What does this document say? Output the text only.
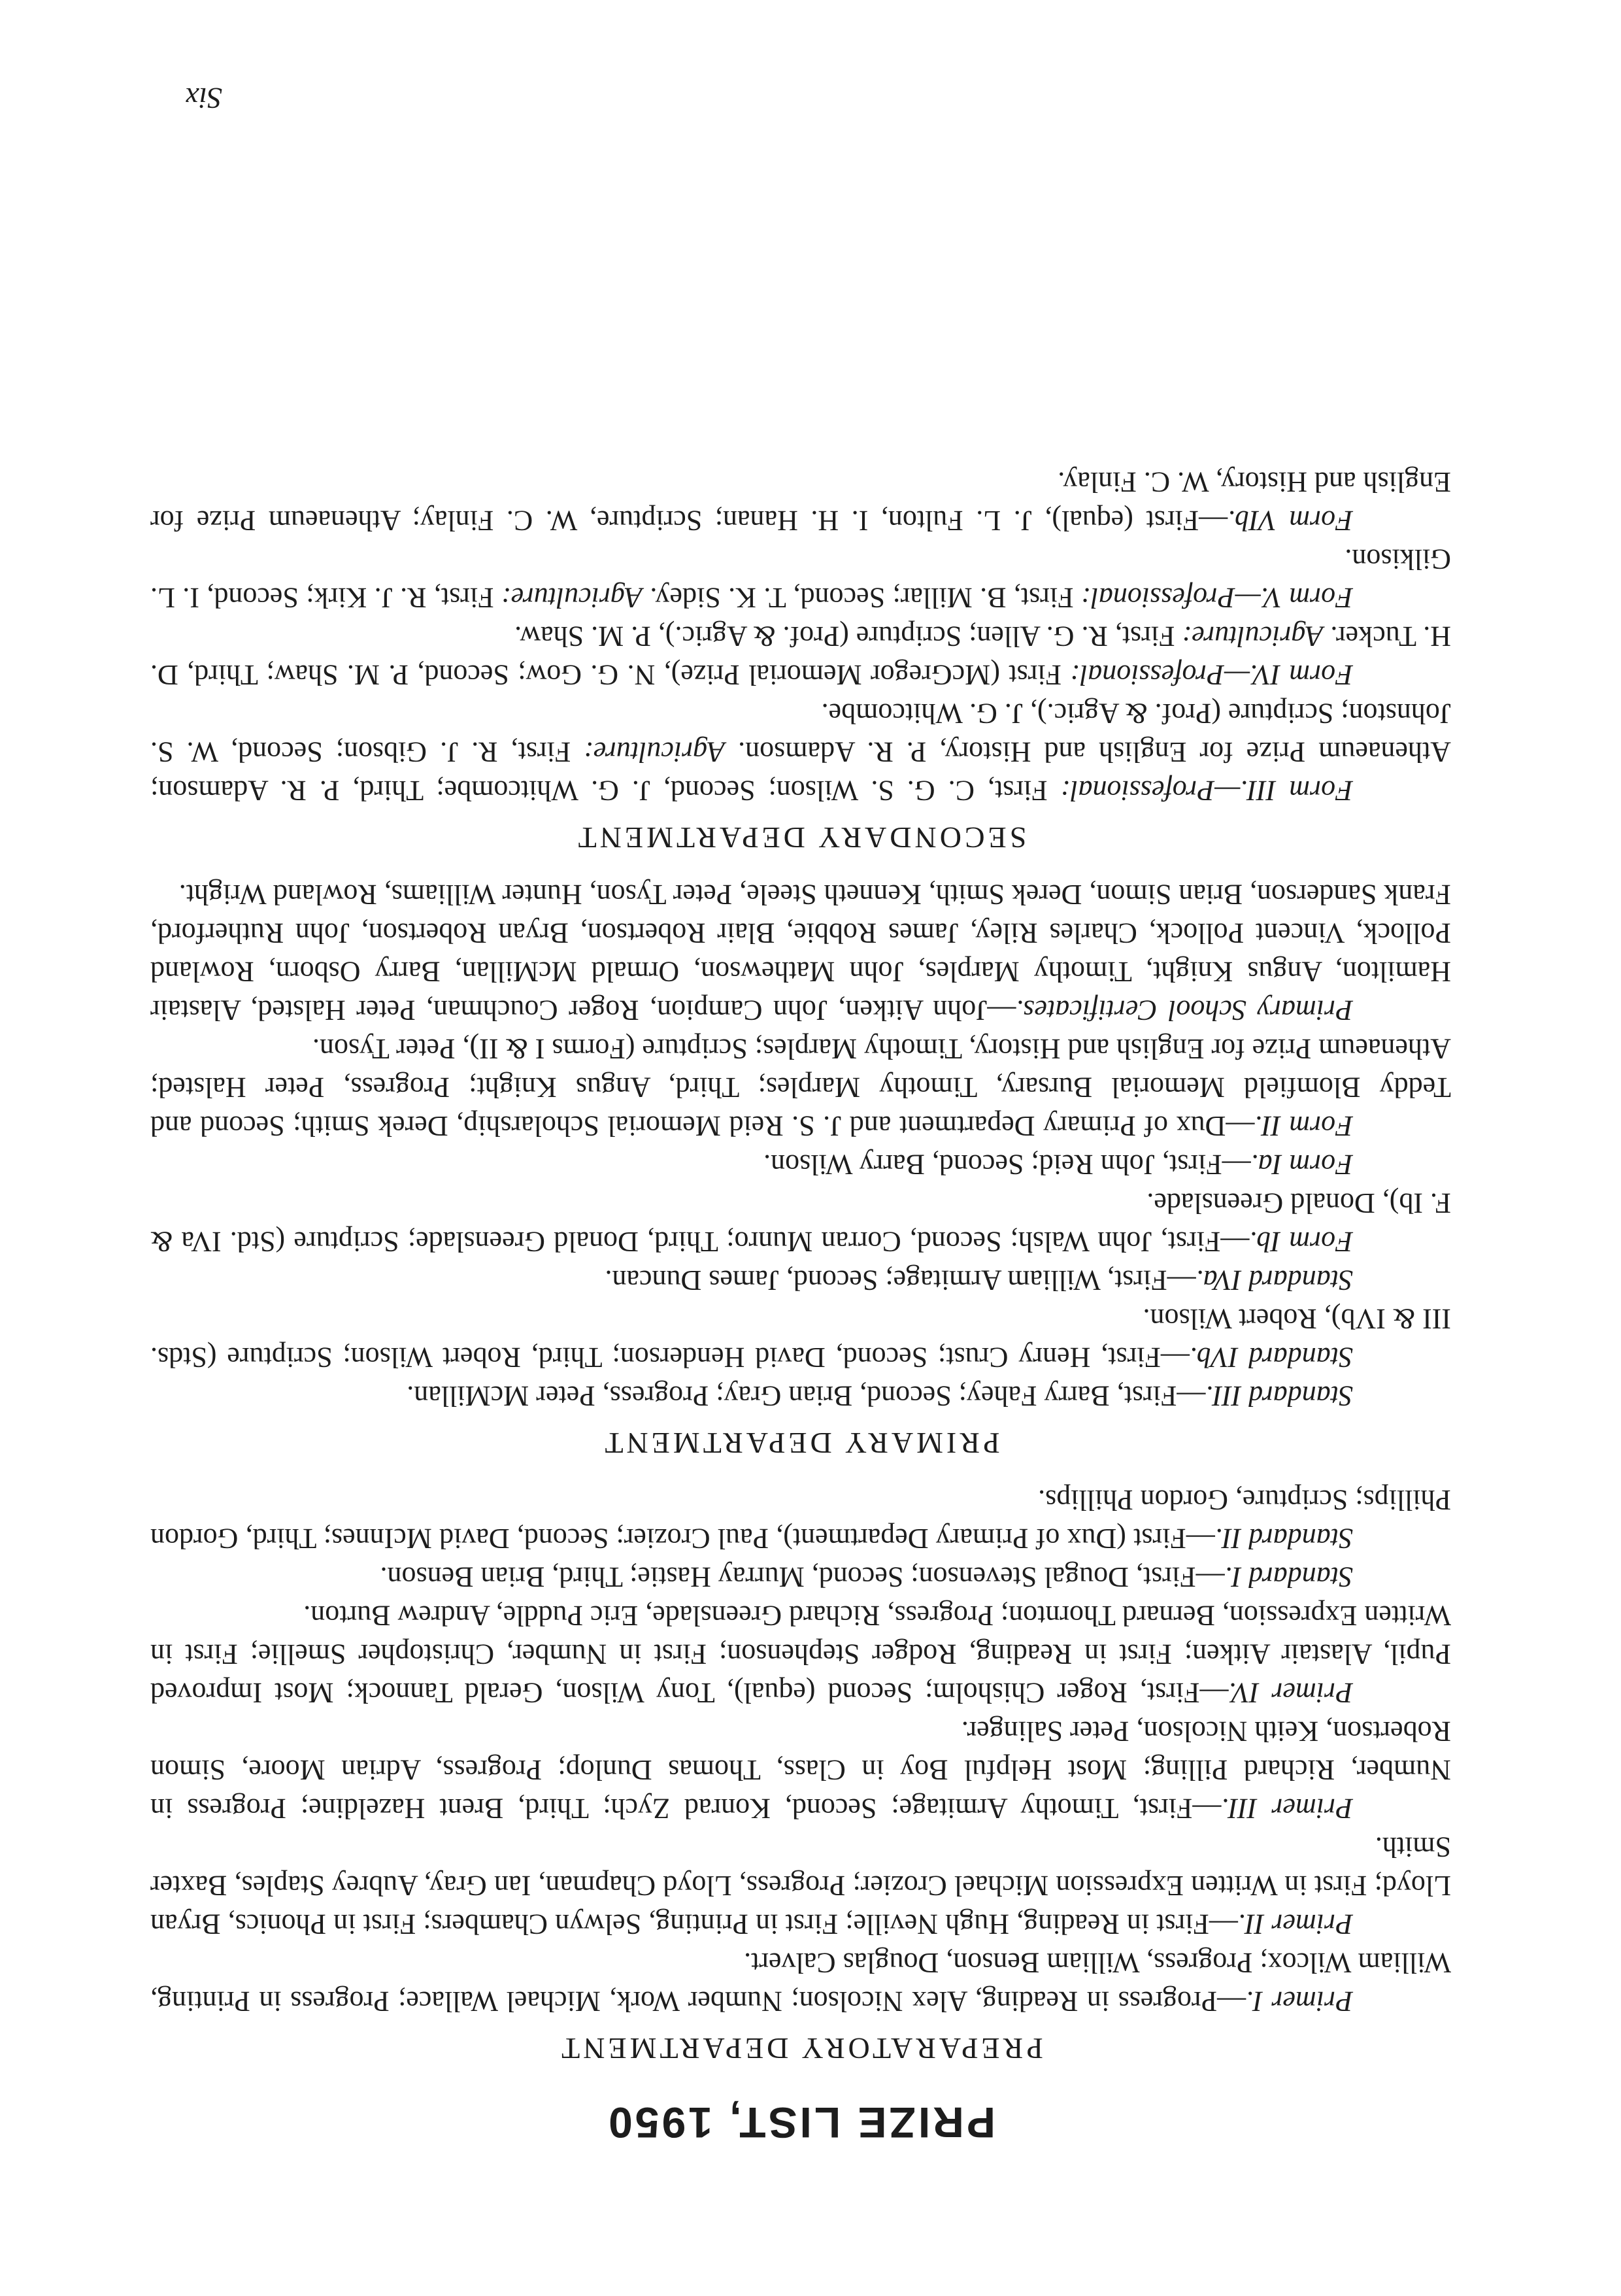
PRIZE LIST, 1950
PREPARATORY DEPARTMENT

Primer I.—Progress in Reading, Alex Nicolson; Number Work, Michael Wallace; Progress in Printing, William Wilcox; Progress, William Benson, Douglas Calvert.

Primer II.—First in Reading, Hugh Neville; First in Printing, Selwyn Chambers; First in Phonics, Bryan Lloyd; First in Written Expression Michael Crozier; Progress, Lloyd Chapman, Ian Gray, Aubrey Staples, Baxter Smith.

Primer III.—First, Timothy Armitage; Second, Konrad Zych; Third, Brent Hazeldine; Progress in Number, Richard Pilling; Most Helpful Boy in Class, Thomas Dunlop; Progress, Adrian Moore, Simon Robertson, Keith Nicolson, Peter Salinger.

Primer IV.—First, Roger Chisholm; Second (equal), Tony Wilson, Gerald Tannock; Most Improved Pupil, Alastair Aitken; First in Reading, Rodger Stephenson; First in Number, Christopher Smellie; First in Written Expression, Bernard Thornton; Progress, Richard Greenslade, Eric Puddle, Andrew Burton.

Standard I.—First, Dougal Stevenson; Second, Murray Hastie; Third, Brian Benson.

Standard II.—First (Dux of Primary Department), Paul Crozier; Second, David McInnes; Third, Gordon Phillips; Scripture, Gordon Phillips.

PRIMARY DEPARTMENT

Standard III.—First, Barry Fahey; Second, Brian Gray; Progress, Peter McMillan.

Standard IVb.—First, Henry Crust; Second, David Henderson; Third, Robert Wilson; Scripture (Stds. III & IVb), Robert Wilson.

Standard IVa.—First, William Armitage; Second, James Duncan.

Form Ib.—First, John Walsh; Second, Corran Munro; Third, Donald Greenslade; Scripture (Std. IVa & F. Ib), Donald Greenslade.

Form Ia.—First, John Reid; Second, Barry Wilson.

Form II.—Dux of Primary Department and J. S. Reid Memorial Scholarship, Derek Smith; Second and Teddy Blomfield Memorial Bursary, Timothy Marples; Third, Angus Knight; Progress, Peter Halsted; Athenaeum Prize for English and History, Timothy Marples; Scripture (Forms I & II), Peter Tyson.

Primary School Certificates.—John Aitken, John Campion, Roger Couchman, Peter Halsted, Alastair Hamilton, Angus Knight, Timothy Marples, John Mathewson, Ormald McMillan, Barry Osborn, Rowland Pollock, Vincent Pollock, Charles Riley, James Robbie, Blair Robertson, Bryan Robertson, John Rutherford, Frank Sanderson, Brian Simon, Derek Smith, Kenneth Steele, Peter Tyson, Hunter Williams, Rowland Wright.

SECONDARY DEPARTMENT

Form III.—Professional: First, C. G. S. Wilson; Second, J. G. Whitcombe; Third, P. R. Adamson; Athenaeum Prize for English and History, P. R. Adamson. Agriculture: First, R. J. Gibson; Second, W. S. Johnston; Scripture (Prof. & Agric.), J. G. Whitcombe.

Form IV.—Professional: First (McGregor Memorial Prize), N. G. Gow; Second, P. M. Shaw; Third, D. H. Tucker. Agriculture: First, R. G. Allen; Scripture (Prof. & Agric.), P. M. Shaw.

Form V.—Professional: First, B. Millar; Second, T. K. Sidey. Agriculture: First, R. J. Kirk; Second, I. L. Gilkison.

Form VIb.—First (equal), J. L. Fulton, I. H. Hanan; Scripture, W. C. Finlay; Athenaeum Prize for English and History, W. C. Finlay.

Six
